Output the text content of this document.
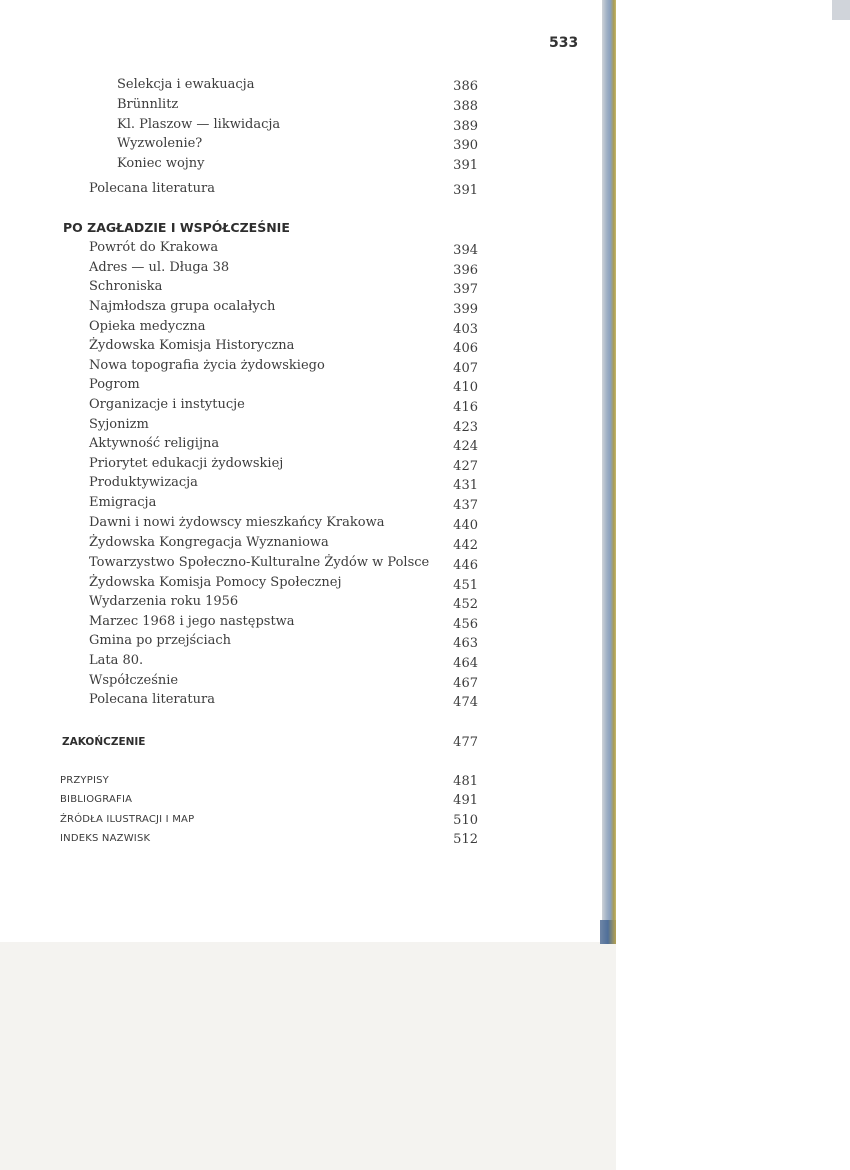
533
Selekcja i ewakuacja	386
Brünnlitz	388
Kl. Plaszow — likwidacja	389
Wyzwolenie?	390
Koniec wojny	391
Polecana literatura	391
PO ZAGŁADZIE I WSPÓŁCZEŚNIE
Powrót do Krakowa	394
Adres — ul. Długa 38	396
Schroniska	397
Najmłodsza grupa ocalałych	399
Opieka medyczna	403
Żydowska Komisja Historyczna	406
Nowa topografia życia żydowskiego	407
Pogrom	410
Organizacje i instytucje	416
Syjonizm	423
Aktywność religijna	424
Priorytet edukacji żydowskiej	427
Produktywizacja	431
Emigracja	437
Dawni i nowi żydowscy mieszkańcy Krakowa	440
Żydowska Kongregacja Wyznaniowa	442
Towarzystwo Społeczno-Kulturalne Żydów w Polsce	446
Żydowska Komisja Pomocy Społecznej	451
Wydarzenia roku 1956	452
Marzec 1968 i jego następstwa	456
Gmina po przejściach	463
Lata 80.	464
Współcześnie	467
Polecana literatura	474
ZAKOŃCZENIE	477
PRZYPISY	481
BIBLIOGRAFIA	491
ŹRÓDŁA ILUSTRACJI I MAP	510
INDEKS NAZWISK	512
